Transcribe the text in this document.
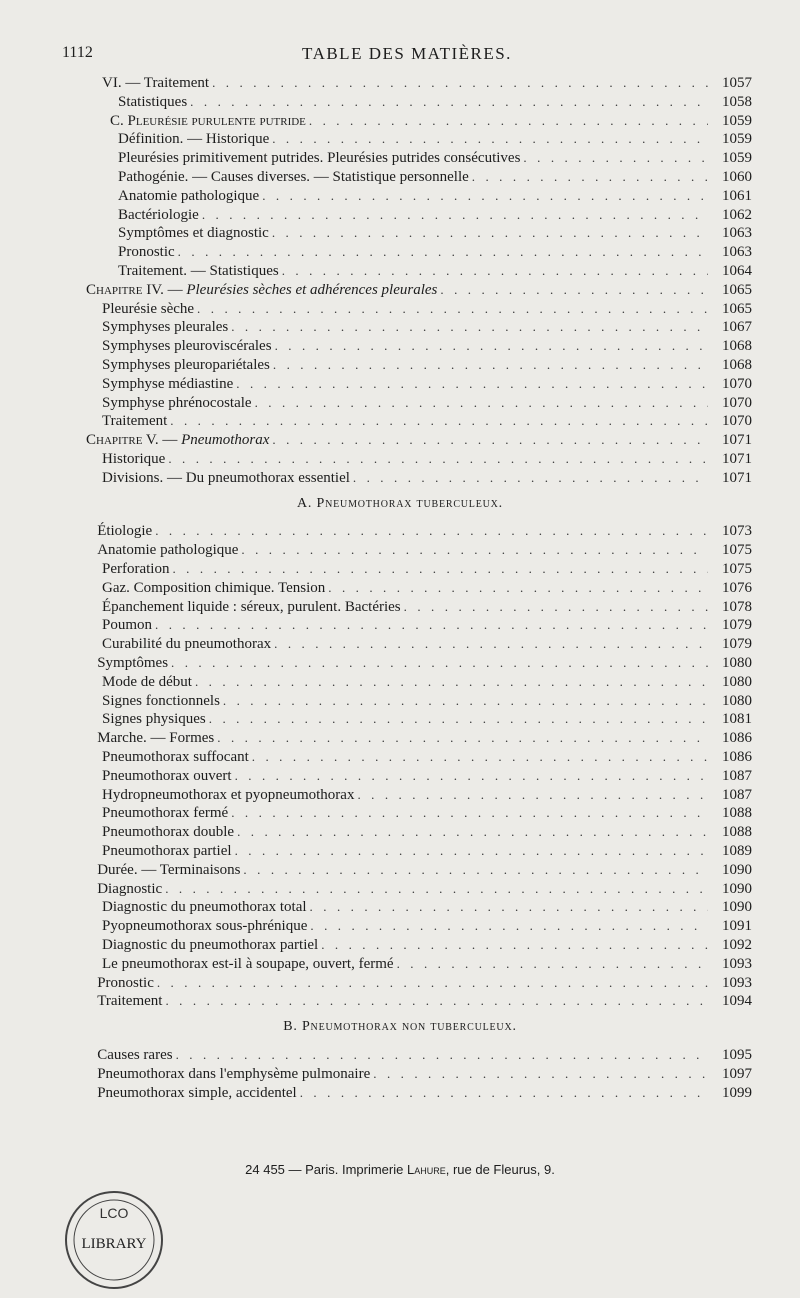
1112	TABLE DES MATIÈRES.
VI. — Traitement . . .	1057
Statistiques . . .	1058
C. Pleurésie purulente putride . . .	1059
Définition. — Historique . . .	1059
Pleurésies primitivement putrides. Pleurésies putrides consécutives . . .	1059
Pathogénie. — Causes diverses. — Statistique personnelle . . .	1060
Anatomie pathologique . . .	1061
Bactériologie . . .	1062
Symptômes et diagnostic . . .	1063
Pronostic . . .	1063
Traitement. — Statistiques . . .	1064
Chapitre IV. — Pleurésies sèches et adhérences pleurales . . .	1065
Pleurésie sèche . . .	1065
Symphyses pleurales . . .	1067
Symphyses pleuroviscérales . . .	1068
Symphyses pleuropariétales . . .	1068
Symphyse médiastine . . .	1070
Symphyse phrénocostale . . .	1070
Traitement . . .	1070
Chapitre V. — Pneumothorax . . .	1071
Historique . . .	1071
Divisions. — Du pneumothorax essentiel . . .	1071
A. Pneumothorax tuberculeux.
Étiologie . . .	1073
Anatomie pathologique . . .	1075
Perforation . . .	1075
Gaz. Composition chimique. Tension . . .	1076
Épanchement liquide : séreux, purulent. Bactéries . . .	1078
Poumon . . .	1079
Curabilité du pneumothorax . . .	1079
Symptômes . . .	1080
Mode de début . . .	1080
Signes fonctionnels . . .	1080
Signes physiques . . .	1081
Marche. — Formes . . .	1086
Pneumothorax suffocant . . .	1086
Pneumothorax ouvert . . .	1087
Hydropneumothorax et pyopneumothorax . . .	1087
Pneumothorax fermé . . .	1088
Pneumothorax double . . .	1088
Pneumothorax partiel . . .	1089
Durée. — Terminaisons . . .	1090
Diagnostic . . .	1090
Diagnostic du pneumothorax total . . .	1090
Pyopneumothorax sous-phrénique . . .	1091
Diagnostic du pneumothorax partiel . . .	1092
Le pneumothorax est-il à soupape, ouvert, fermé . . .	1093
Pronostic . . .	1093
Traitement . . .	1094
B. Pneumothorax non tuberculeux.
Causes rares . . .	1095
Pneumothorax dans l'emphysème pulmonaire . . .	1097
Pneumothorax simple, accidentel . . .	1099
24 455 — Paris. Imprimerie Lahure, rue de Fleurus, 9.
LCO
LIBRARY
